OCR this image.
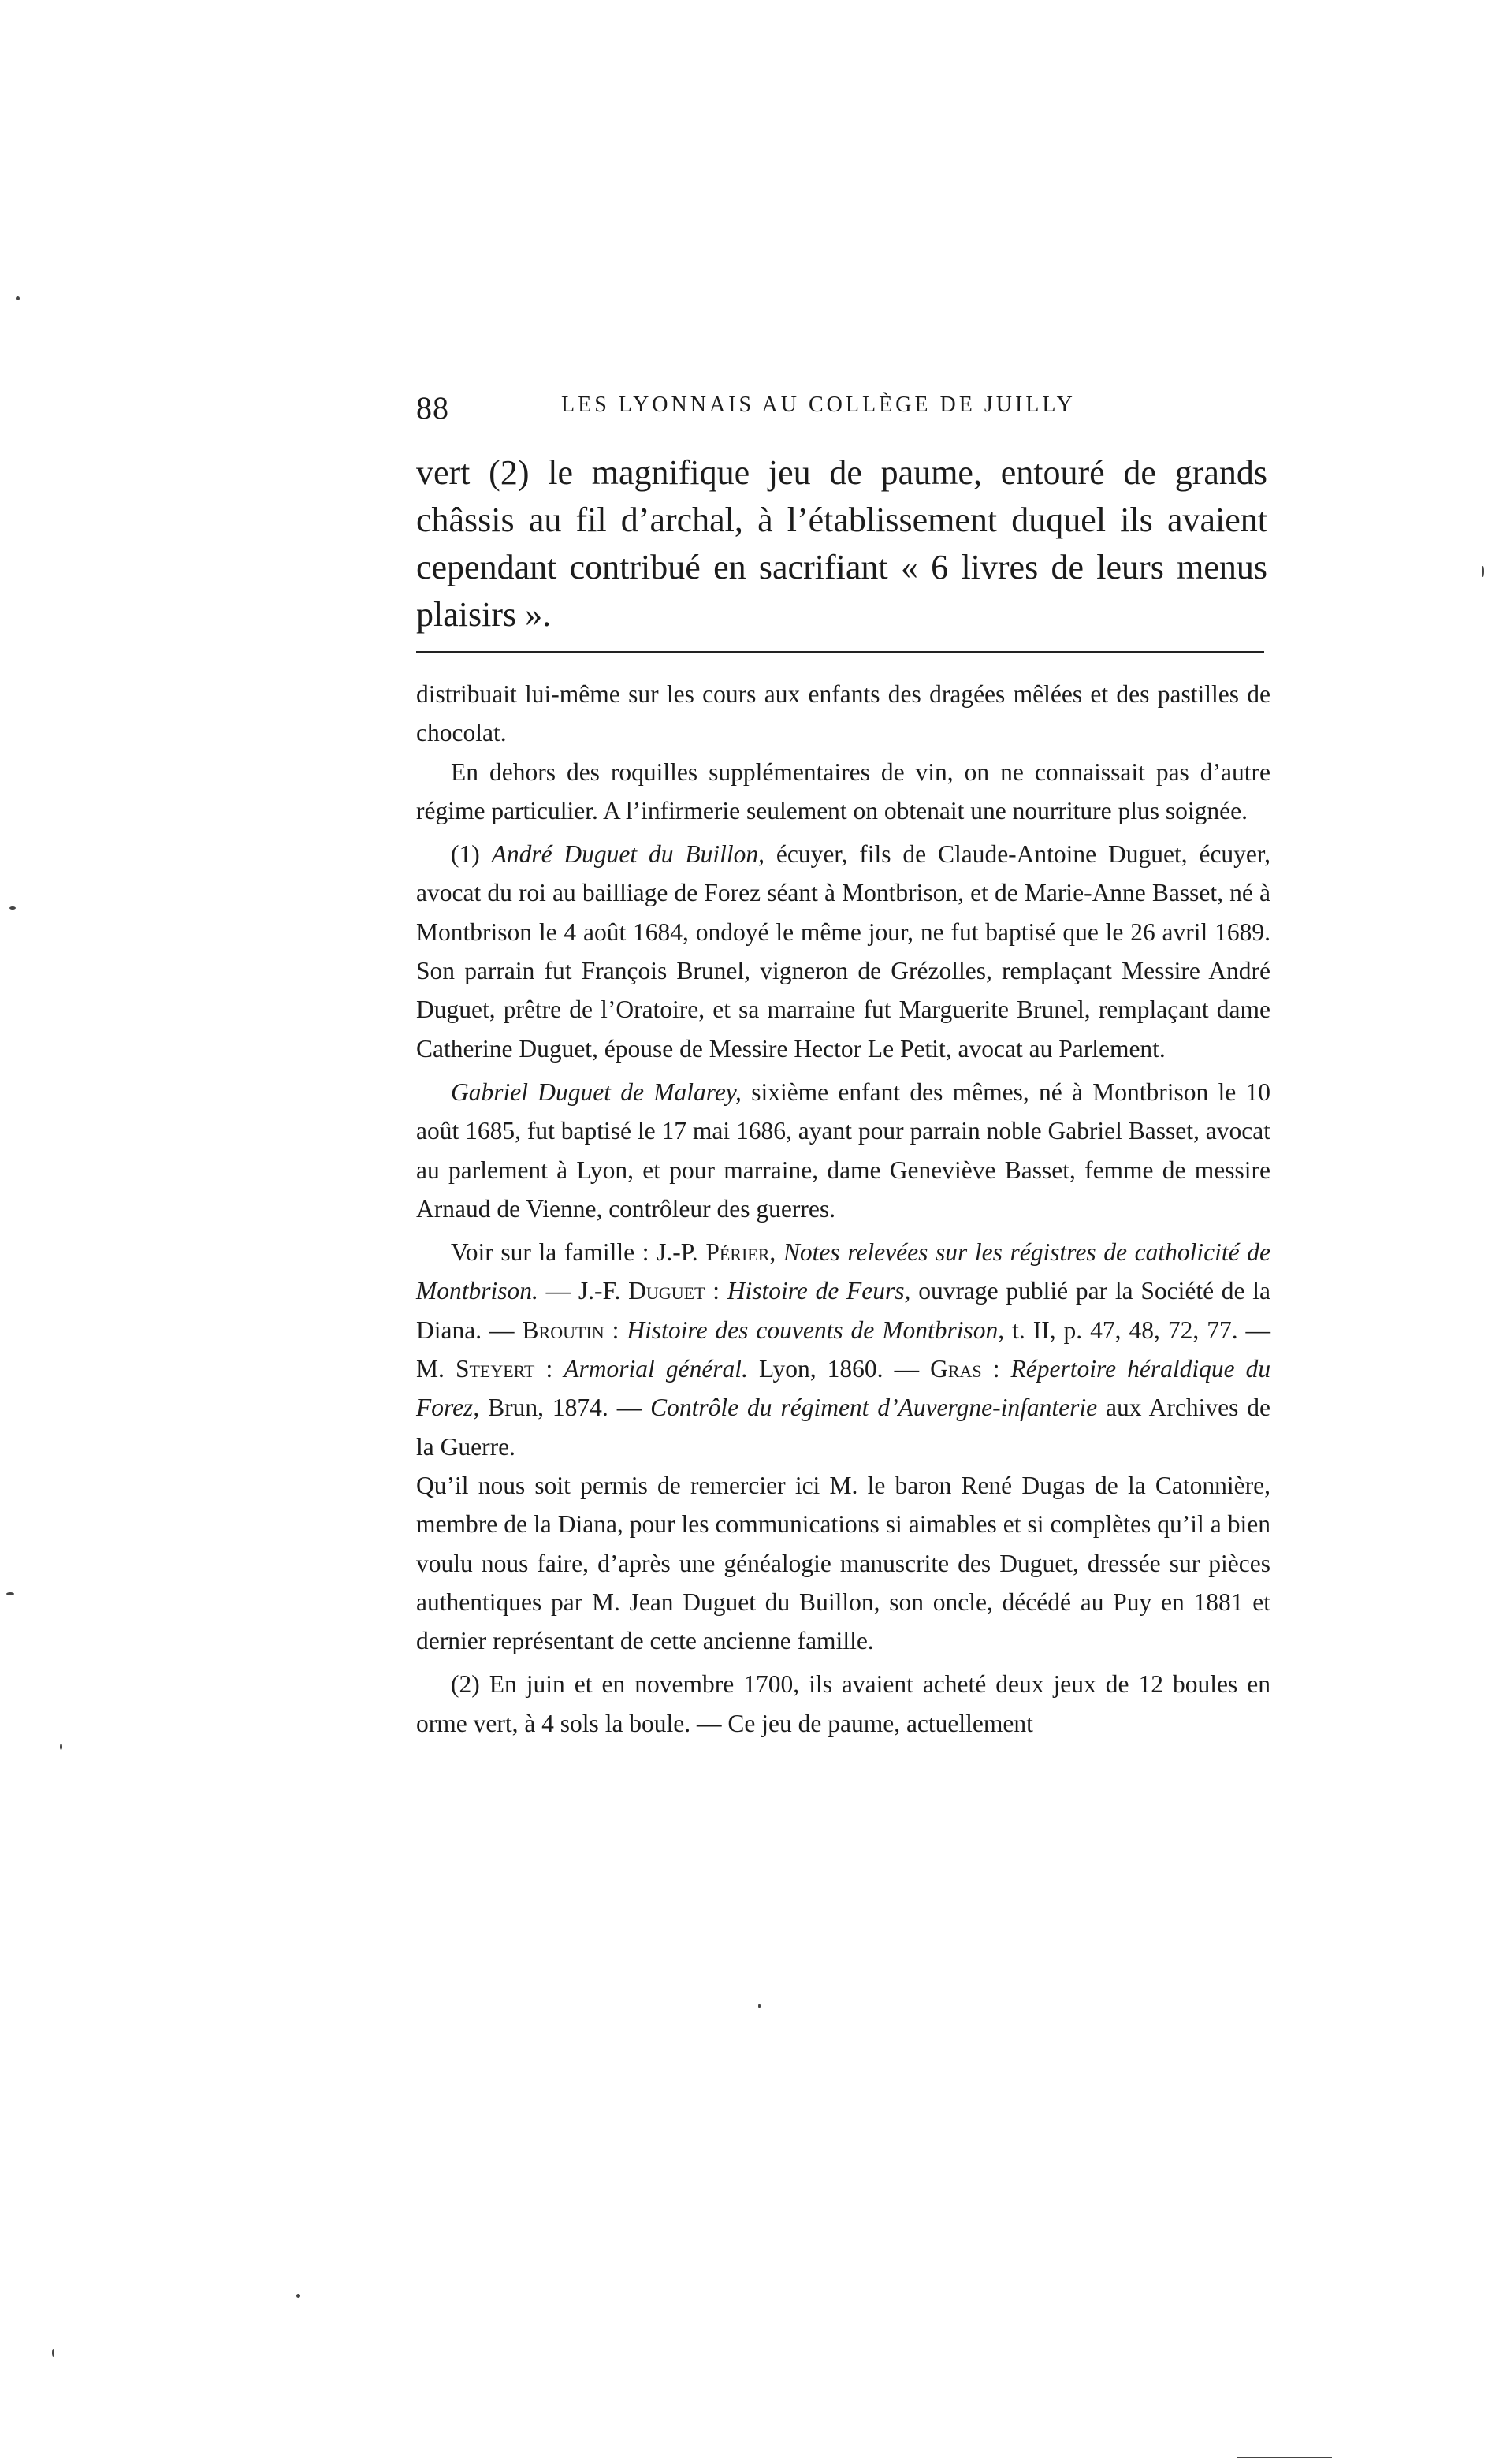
88	LES LYONNAIS AU COLLÈGE DE JUILLY

vert (2) le magnifique jeu de paume, entouré de grands châssis au fil d’archal, à l’établissement duquel ils avaient cependant contribué en sacrifiant « 6 livres de leurs menus plaisirs ».

distribuait lui-même sur les cours aux enfants des dragées mêlées et des pastilles de chocolat.

En dehors des roquilles supplémentaires de vin, on ne connaissait pas d’autre régime particulier. A l’infirmerie seulement on obtenait une nourriture plus soignée.

(1) André Duguet du Buillon, écuyer, fils de Claude-Antoine Duguet, écuyer, avocat du roi au bailliage de Forez séant à Montbrison, et de Marie-Anne Basset, né à Montbrison le 4 août 1684, ondoyé le même jour, ne fut baptisé que le 26 avril 1689. Son parrain fut François Brunel, vigneron de Grézolles, remplaçant Messire André Duguet, prêtre de l’Oratoire, et sa marraine fut Marguerite Brunel, remplaçant dame Catherine Duguet, épouse de Messire Hector Le Petit, avocat au Parlement.

Gabriel Duguet de Malarey, sixième enfant des mêmes, né à Montbrison le 10 août 1685, fut baptisé le 17 mai 1686, ayant pour parrain noble Gabriel Basset, avocat au parlement à Lyon, et pour marraine, dame Geneviève Basset, femme de messire Arnaud de Vienne, contrôleur des guerres.

Voir sur la famille : J.-P. Périer, Notes relevées sur les régistres de catholicité de Montbrison. — J.-F. Duguet : Histoire de Feurs, ouvrage publié par la Société de la Diana. — Broutin : Histoire des couvents de Montbrison, t. II, p. 47, 48, 72, 77. — M. Steyert : Armorial général. Lyon, 1860. — Gras : Répertoire héraldique du Forez, Brun, 1874. — Contrôle du régiment d’Auvergne-infanterie aux Archives de la Guerre.

Qu’il nous soit permis de remercier ici M. le baron René Dugas de la Catonnière, membre de la Diana, pour les communications si aimables et si complètes qu’il a bien voulu nous faire, d’après une généalogie manuscrite des Duguet, dressée sur pièces authentiques par M. Jean Duguet du Buillon, son oncle, décédé au Puy en 1881 et dernier représentant de cette ancienne famille.

(2) En juin et en novembre 1700, ils avaient acheté deux jeux de 12 boules en orme vert, à 4 sols la boule. — Ce jeu de paume, actuellement
